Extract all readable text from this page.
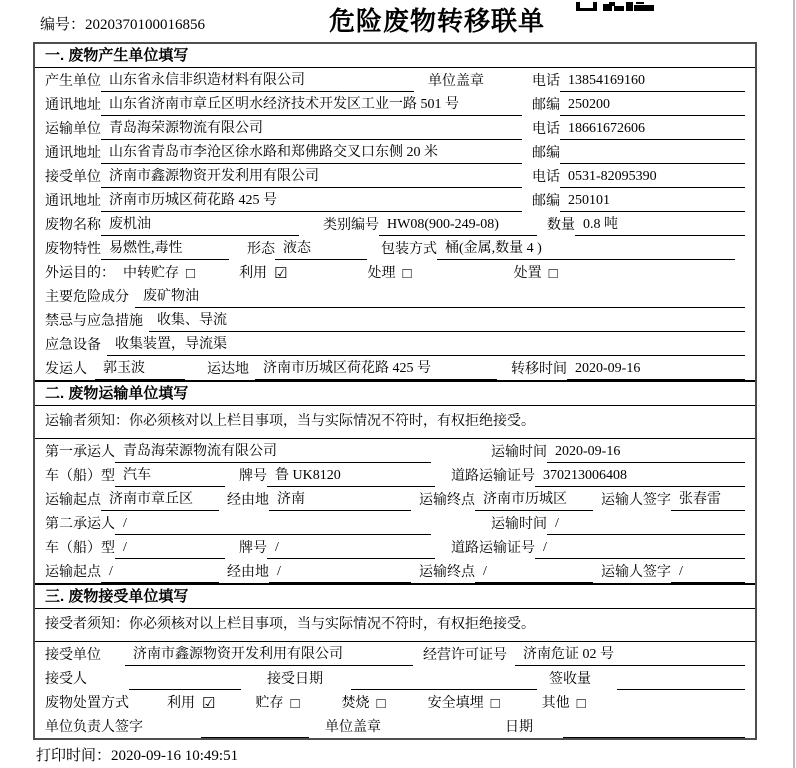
编号：2020370100016856	危险废物转移联单
一. 废物产生单位填写
产生单位 山东省永信非织造材料有限公司	单位盖章	电话 13854169160
通讯地址 山东省济南市章丘区明水经济技术开发区工业一路 501 号	邮编 250200
运输单位 青岛海荣源物流有限公司	电话 18661672606
通讯地址 山东省青岛市李沧区徐水路和郑佛路交叉口东侧 20 米	邮编
接受单位 济南市鑫源物资开发利用有限公司	电话 0531-82095390
通讯地址 济南市历城区荷花路 425 号	邮编 250101
废物名称 废机油	类别编号 HW08(900-249-08)	数量 0.8 吨
废物特性 易燃性,毒性	形态 液态	包装方式 桶(金属,数量 4 )
外运目的： 中转贮存 □	利用 ☑	处理 □	处置 □
主要危险成分	废矿物油
禁忌与应急措施	收集、导流
应急设备	收集装置，导流渠
发运人	郭玉波	运达地	济南市历城区荷花路 425 号	转移时间 2020-09-16
二. 废物运输单位填写
运输者须知：你必须核对以上栏目事项，当与实际情况不符时，有权拒绝接受。
第一承运人 青岛海荣源物流有限公司	运输时间 2020-09-16
车（船）型 汽车	牌号 鲁 UK8120	道路运输证号 370213006408
运输起点 济南市章丘区	经由地 济南	运输终点 济南市历城区	运输人签字 张春雷
第二承运人 /	运输时间 /
车（船）型 /	牌号 /	道路运输证号 /
运输起点 /	经由地 /	运输终点 /	运输人签字 /
三. 废物接受单位填写
接受者须知：你必须核对以上栏目事项，当与实际情况不符时，有权拒绝接受。
接受单位	济南市鑫源物资开发利用有限公司	经营许可证号	济南危证 02 号
接受人	接受日期	签收量
废物处置方式	利用 ☑	贮存 □	焚烧 □	安全填埋 □	其他 □
单位负责人签字	单位盖章	日期
打印时间：2020-09-16 10:49:51
